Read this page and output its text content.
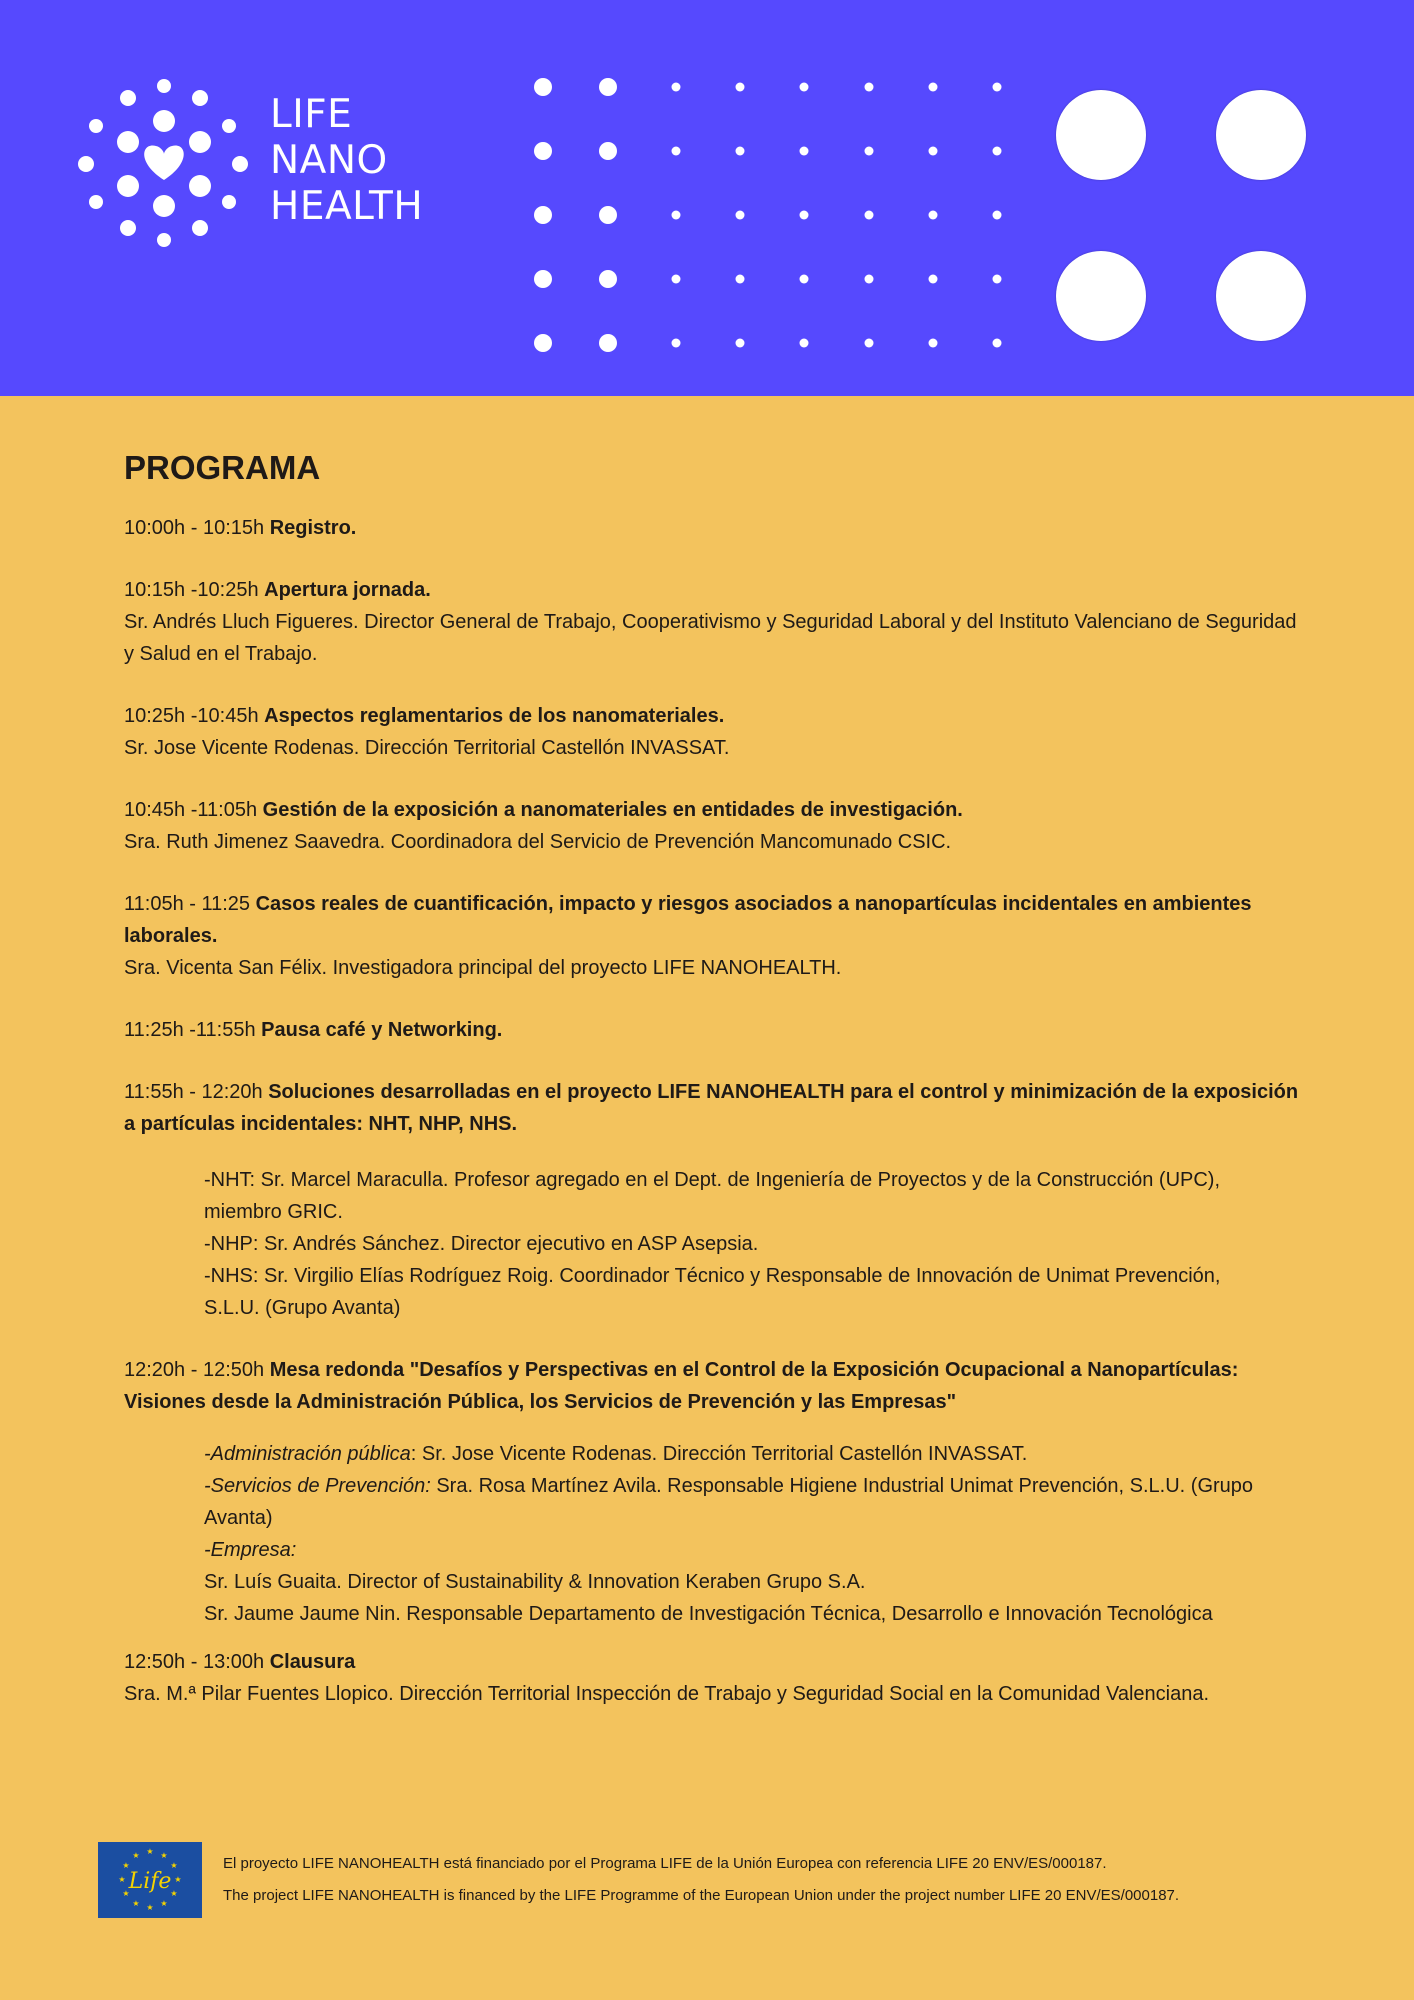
LIFE
NANO
HEALTH
PROGRAMA
10:00h - 10:15h Registro.
10:15h -10:25h Apertura jornada.
Sr. Andrés Lluch Figueres. Director General de Trabajo, Cooperativismo y Seguridad Laboral y del Instituto Valenciano de Seguridad y Salud en el Trabajo.
10:25h -10:45h Aspectos reglamentarios de los nanomateriales.
Sr. Jose Vicente Rodenas. Dirección Territorial Castellón INVASSAT.
10:45h -11:05h Gestión de la exposición a nanomateriales en entidades de investigación.
Sra. Ruth Jimenez Saavedra. Coordinadora del Servicio de Prevención Mancomunado CSIC.
11:05h - 11:25 Casos reales de cuantificación, impacto y riesgos asociados a nanopartículas incidentales en ambientes laborales.
Sra. Vicenta San Félix. Investigadora principal del proyecto LIFE NANOHEALTH.
11:25h -11:55h Pausa café y Networking.
11:55h - 12:20h Soluciones desarrolladas en el proyecto LIFE NANOHEALTH para el control y minimización de la exposición a partículas incidentales: NHT, NHP, NHS.
-NHT: Sr. Marcel Maraculla. Profesor agregado en el Dept. de Ingeniería de Proyectos y de la Construcción (UPC), miembro GRIC.
-NHP: Sr. Andrés Sánchez. Director ejecutivo en ASP Asepsia.
-NHS: Sr. Virgilio Elías Rodríguez Roig. Coordinador Técnico y Responsable de Innovación de Unimat Prevención, S.L.U. (Grupo Avanta)
12:20h - 12:50h Mesa redonda "Desafíos y Perspectivas en el Control de la Exposición Ocupacional a Nanopartículas: Visiones desde la Administración Pública, los Servicios de Prevención y las Empresas"
-Administración pública: Sr. Jose Vicente Rodenas. Dirección Territorial Castellón INVASSAT.
-Servicios de Prevención: Sra. Rosa Martínez Avila. Responsable Higiene Industrial Unimat Prevención, S.L.U. (Grupo Avanta)
-Empresa:
Sr. Luís Guaita. Director of Sustainability & Innovation Keraben Grupo S.A.
Sr. Jaume Jaume Nin. Responsable Departamento de Investigación Técnica, Desarrollo e Innovación Tecnológica
12:50h - 13:00h Clausura
Sra. M.ª Pilar Fuentes Llopico. Dirección Territorial Inspección de Trabajo y Seguridad Social en la Comunidad Valenciana.
★ ★
★
★
★
★
★
★
★
★
★
★
Life
El proyecto LIFE NANOHEALTH está financiado por el Programa LIFE de la Unión Europea con referencia LIFE 20 ENV/ES/000187.
The project LIFE NANOHEALTH is financed by the LIFE Programme of the European Union under the project number LIFE 20 ENV/ES/000187.
